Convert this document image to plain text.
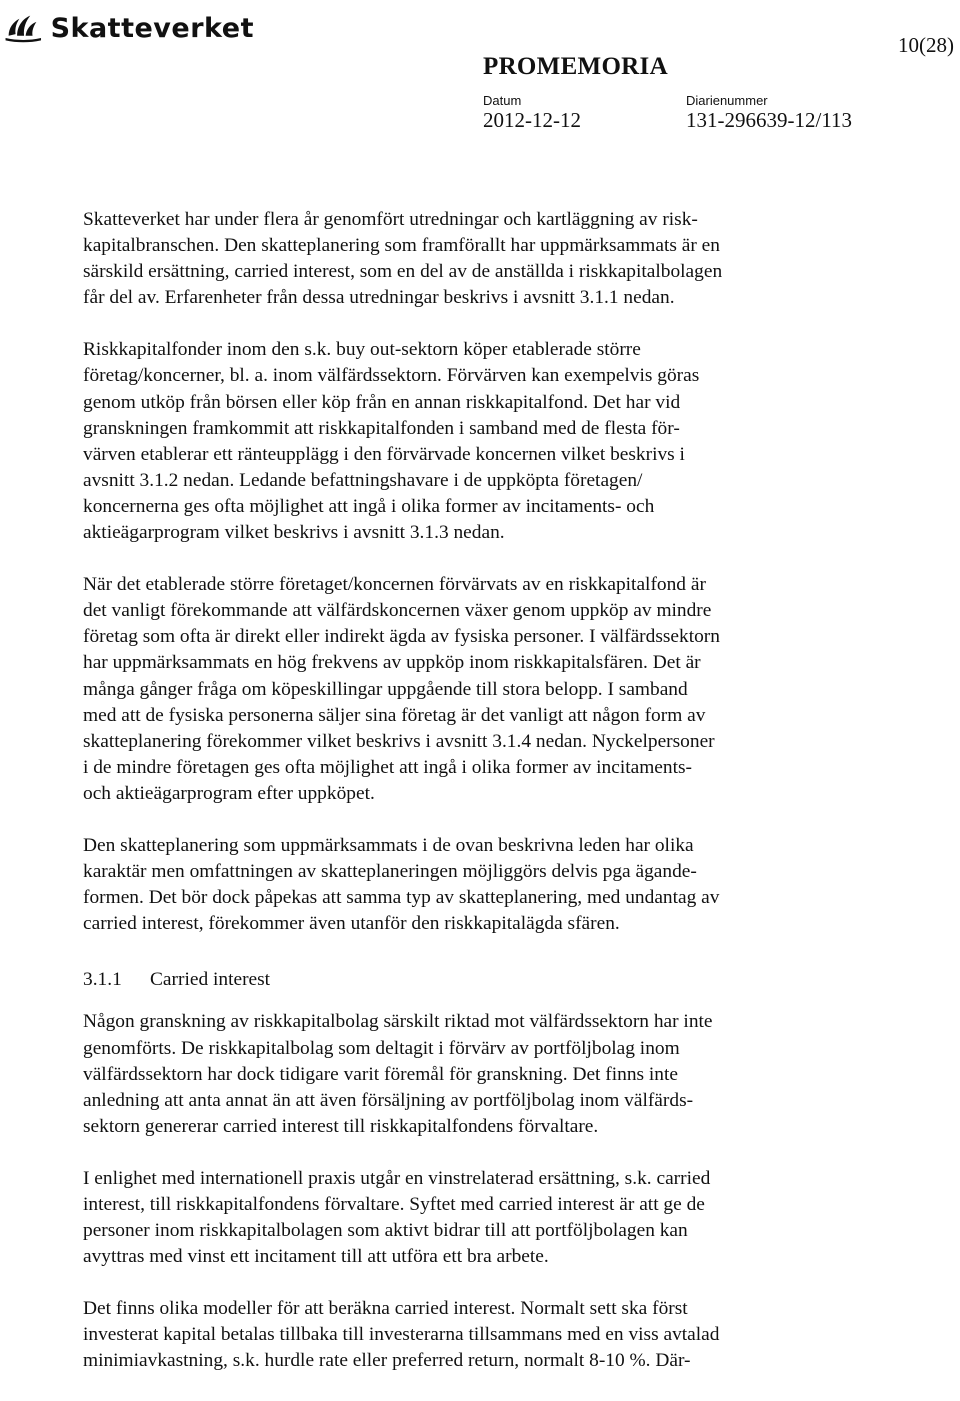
Skatteverket
10(28)
PROMEMORIA
Datum	Diarienummer
2012-12-12	131-296639-12/113

Skatteverket har under flera år genomfört utredningar och kartläggning av risk-
kapitalbranschen. Den skatteplanering som framförallt har uppmärksammats är en
särskild ersättning, carried interest, som en del av de anställda i riskkapitalbolagen
får del av. Erfarenheter från dessa utredningar beskrivs i avsnitt 3.1.1 nedan.

Riskkapitalfonder inom den s.k. buy out-sektorn köper etablerade större
företag/koncerner, bl. a. inom välfärdssektorn. Förvärven kan exempelvis göras
genom utköp från börsen eller köp från en annan riskkapitalfond. Det har vid
granskningen framkommit att riskkapitalfonden i samband med de flesta för-
värven etablerar ett ränteupplägg i den förvärvade koncernen vilket beskrivs i
avsnitt 3.1.2 nedan. Ledande befattningshavare i de uppköpta företagen/
koncernerna ges ofta möjlighet att ingå i olika former av incitaments- och
aktieägarprogram vilket beskrivs i avsnitt 3.1.3 nedan.

När det etablerade större företaget/koncernen förvärvats av en riskkapitalfond är
det vanligt förekommande att välfärdskoncernen växer genom uppköp av mindre
företag som ofta är direkt eller indirekt ägda av fysiska personer. I välfärdssektorn
har uppmärksammats en hög frekvens av uppköp inom riskkapitalsfären. Det är
många gånger fråga om köpeskillingar uppgående till stora belopp. I samband
med att de fysiska personerna säljer sina företag är det vanligt att någon form av
skatteplanering förekommer vilket beskrivs i avsnitt 3.1.4 nedan. Nyckelpersoner
i de mindre företagen ges ofta möjlighet att ingå i olika former av incitaments-
och aktieägarprogram efter uppköpet.

Den skatteplanering som uppmärksammats i de ovan beskrivna leden har olika
karaktär men omfattningen av skatteplaneringen möjliggörs delvis pga ägande-
formen. Det bör dock påpekas att samma typ av skatteplanering, med undantag av
carried interest, förekommer även utanför den riskkapitalägda sfären.

3.1.1	Carried interest

Någon granskning av riskkapitalbolag särskilt riktad mot välfärdssektorn har inte
genomförts. De riskkapitalbolag som deltagit i förvärv av portföljbolag inom
välfärdssektorn har dock tidigare varit föremål för granskning. Det finns inte
anledning att anta annat än att även försäljning av portföljbolag inom välfärds-
sektorn genererar carried interest till riskkapitalfondens förvaltare.

I enlighet med internationell praxis utgår en vinstrelaterad ersättning, s.k. carried
interest, till riskkapitalfondens förvaltare. Syftet med carried interest är att ge de
personer inom riskkapitalbolagen som aktivt bidrar till att portföljbolagen kan
avyttras med vinst ett incitament till att utföra ett bra arbete.

Det finns olika modeller för att beräkna carried interest. Normalt sett ska först
investerat kapital betalas tillbaka till investerarna tillsammans med en viss avtalad
minimiavkastning, s.k. hurdle rate eller preferred return, normalt 8-10 %. Där-
